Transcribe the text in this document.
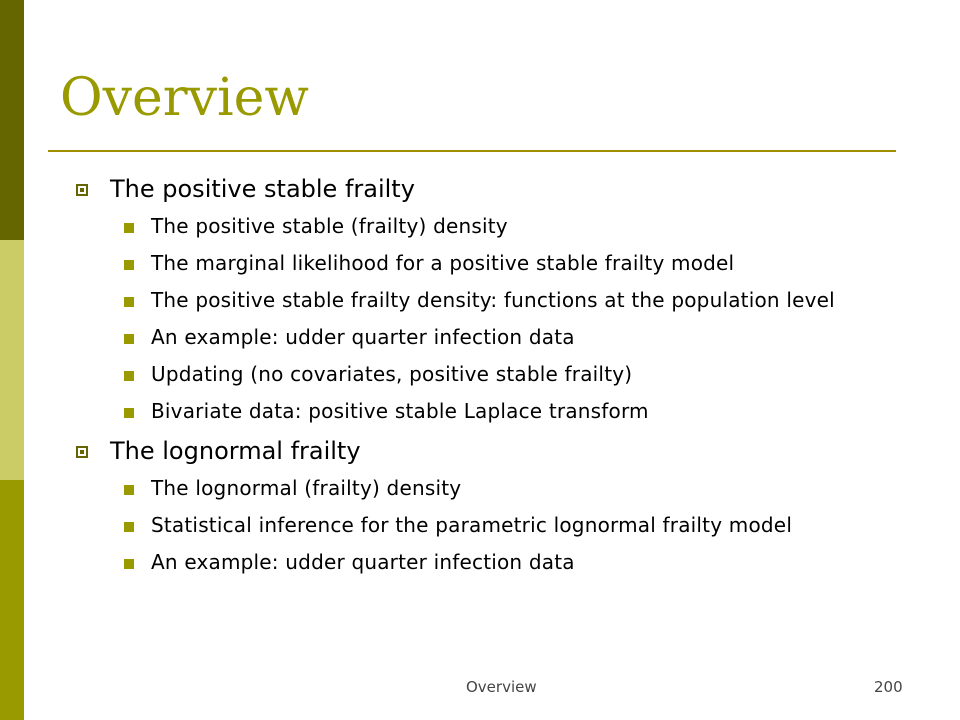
Overview
The positive stable frailty
The positive stable (frailty) density
The marginal likelihood for a positive stable frailty model
The positive stable frailty density: functions at the population level
An example: udder quarter infection data
Updating (no covariates, positive stable frailty)
Bivariate data: positive stable Laplace transform
The lognormal frailty
The lognormal (frailty) density
Statistical inference for the parametric lognormal frailty model
An example: udder quarter infection data
Overview	200
